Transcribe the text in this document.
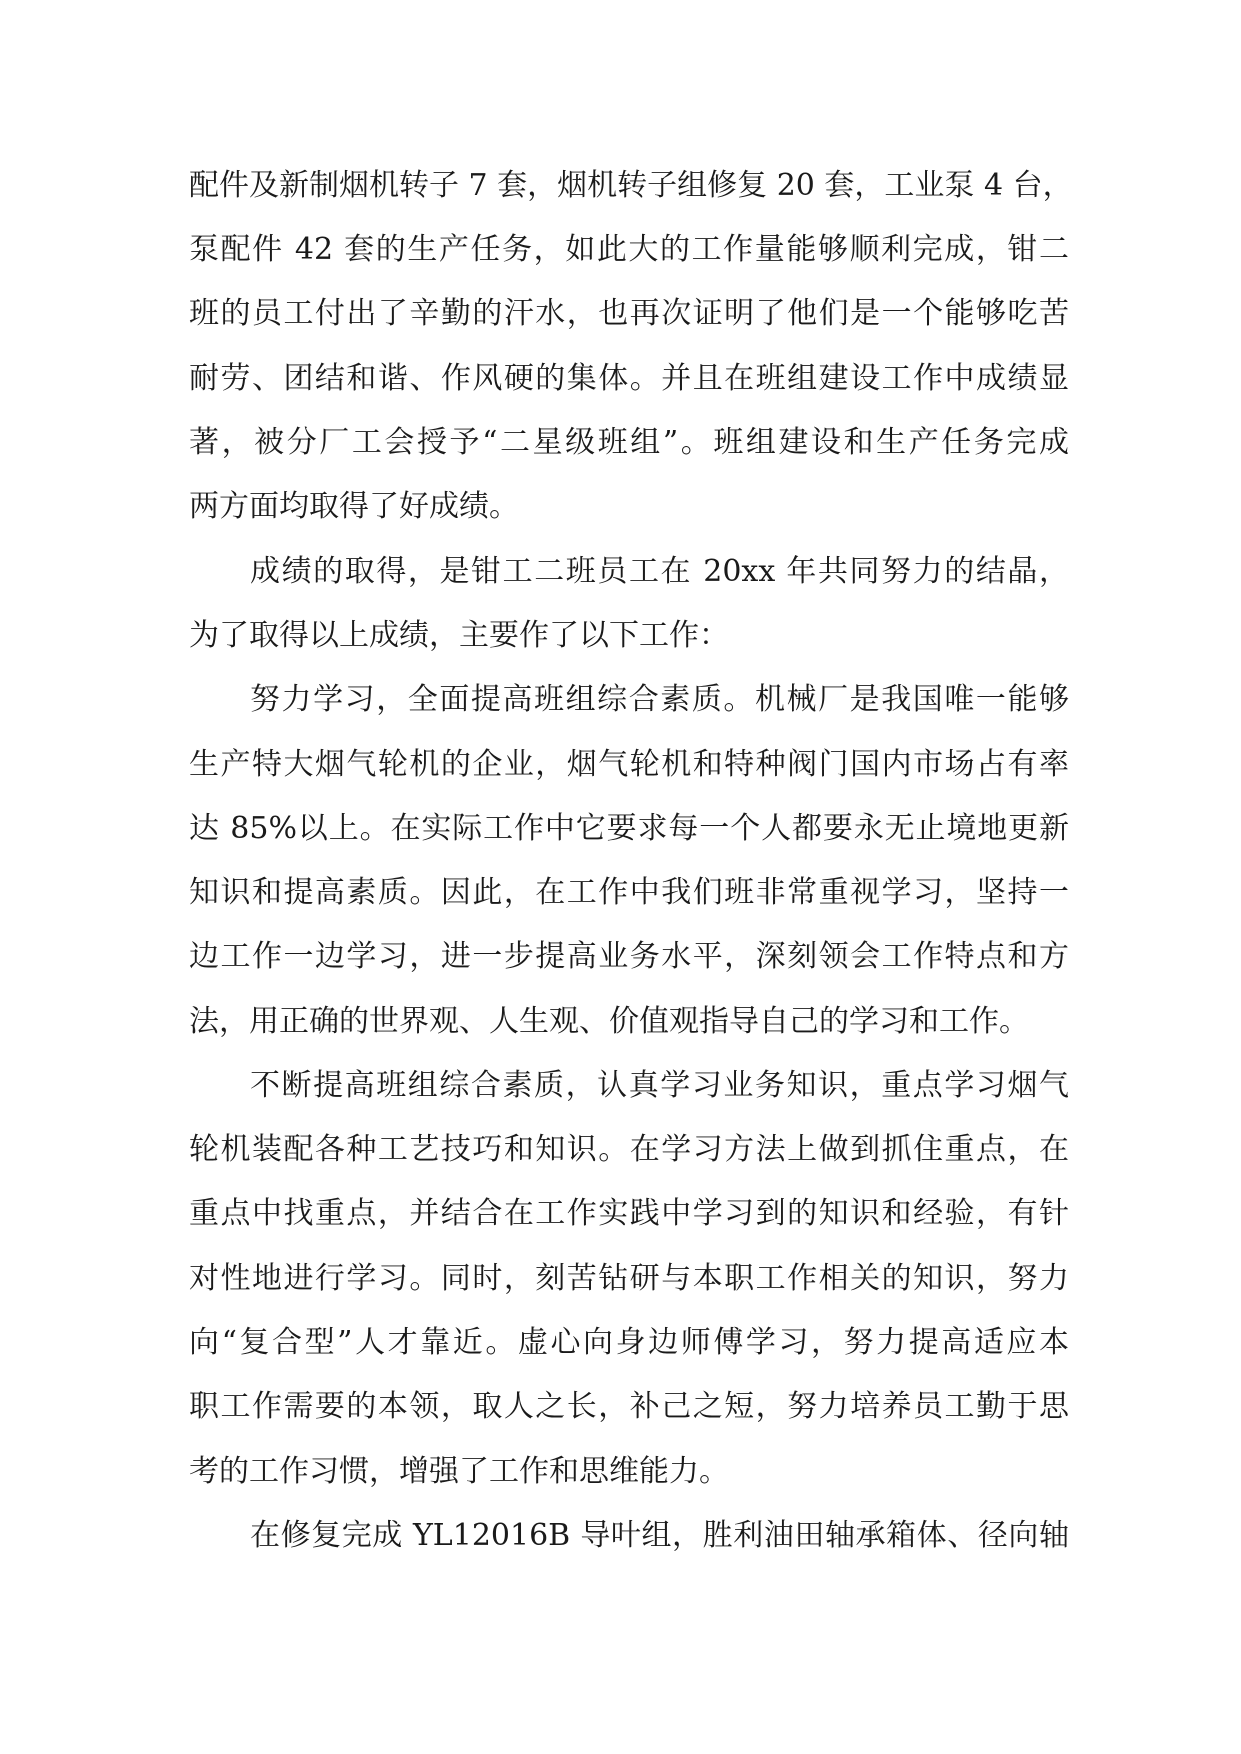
配件及新制烟机转子 7 套，烟机转子组修复 20 套，工业泵 4 台，
泵配件 42 套的生产任务，如此大的工作量能够顺利完成，钳二
班的员工付出了辛勤的汗水，也再次证明了他们是一个能够吃苦
耐劳、团结和谐、作风硬的集体。并且在班组建设工作中成绩显
著，被分厂工会授予“二星级班组”。班组建设和生产任务完成
两方面均取得了好成绩。
成绩的取得，是钳工二班员工在 20xx 年共同努力的结晶，
为了取得以上成绩，主要作了以下工作：
努力学习，全面提高班组综合素质。机械厂是我国唯一能够
生产特大烟气轮机的企业，烟气轮机和特种阀门国内市场占有率
达 85%以上。在实际工作中它要求每一个人都要永无止境地更新
知识和提高素质。因此，在工作中我们班非常重视学习，坚持一
边工作一边学习，进一步提高业务水平，深刻领会工作特点和方
法，用正确的世界观、人生观、价值观指导自己的学习和工作。
不断提高班组综合素质，认真学习业务知识，重点学习烟气
轮机装配各种工艺技巧和知识。在学习方法上做到抓住重点，在
重点中找重点，并结合在工作实践中学习到的知识和经验，有针
对性地进行学习。同时，刻苦钻研与本职工作相关的知识，努力
向“复合型”人才靠近。虚心向身边师傅学习，努力提高适应本
职工作需要的本领，取人之长，补己之短，努力培养员工勤于思
考的工作习惯，增强了工作和思维能力。
在修复完成 YL12016B 导叶组，胜利油田轴承箱体、径向轴
